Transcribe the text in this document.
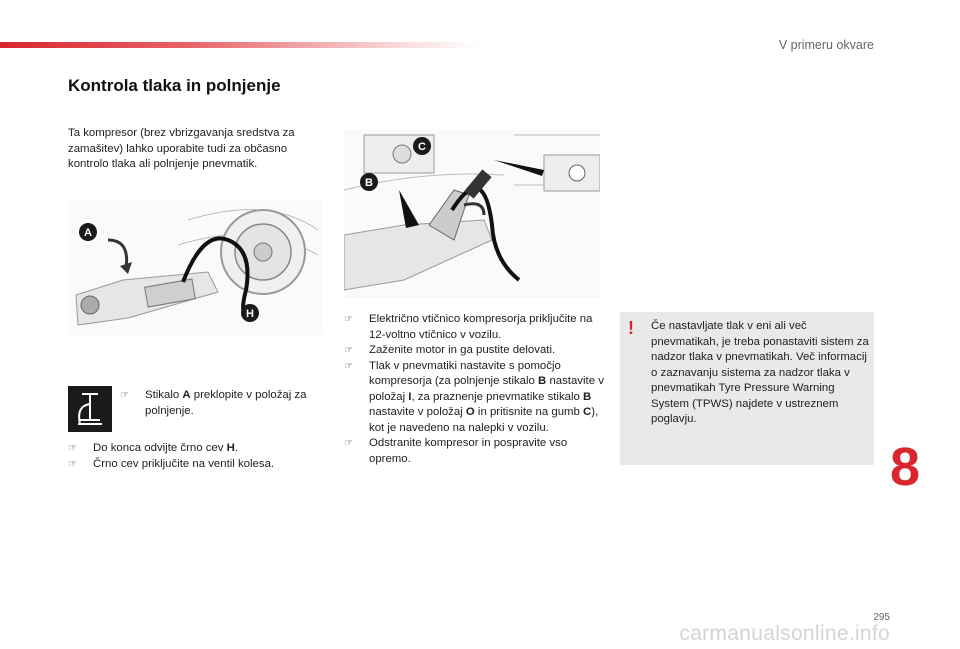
V primeru okvare
Kontrola tlaka in polnjenje

Ta kompresor (brez vbrizgavanja sredstva za zamašitev) lahko uporabite tudi za občasno kontrolo tlaka ali polnjenje pnevmatik.

A
H
B
C
☞ Stikalo A preklopite v položaj za polnjenje.
☞ Do konca odvijte črno cev H.
☞ Črno cev priključite na ventil kolesa.
☞ Električno vtičnico kompresorja priključite na 12-voltno vtičnico v vozilu.
☞ Zaženite motor in ga pustite delovati.
☞ Tlak v pnevmatiki nastavite s pomočjo kompresorja (za polnjenje stikalo B nastavite v položaj I, za praznenje pnevmatike stikalo B nastavite v položaj O in pritisnite na gumb C), kot je navedeno na nalepki v vozilu.
☞ Odstranite kompresor in pospravite vso opremo.
! Če nastavljate tlak v eni ali več pnevmatikah, je treba ponastaviti sistem za nadzor tlaka v pnevmatikah. Več informacij o zaznavanju sistema za nadzor tlaka v pnevmatikah Tyre Pressure Warning System (TPWS) najdete v ustreznem poglavju.
8
295
carmanualsonline.info
